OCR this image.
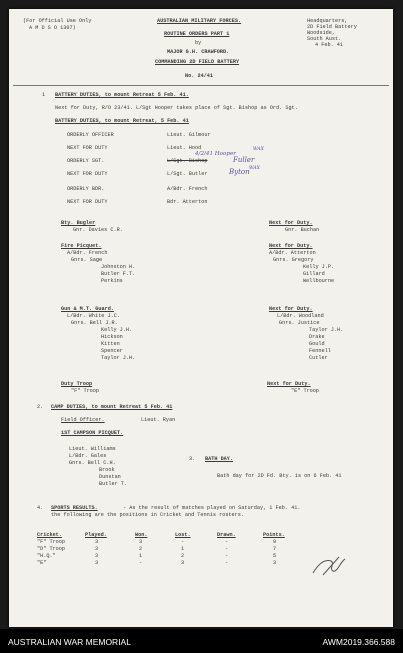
(For Official Use Only
A M D S O 1307)
AUSTRALIAN MILITARY FORCES.
ROUTINE ORDERS PART 1
by
MAJOR G.H. CRAWFORD.
COMMANDING 2D FIELD BATTERY
No. 24/41
Headquarters,
2D Field Battery
Woodside,
South Aust.
4 Feb. 41
1 BATTERY DUTIES, to mount Retreat 5 Feb. 41.
Next for Duty, R/O 23/41. L/Sgt Hooper takes place of Sgt. Bishop as Ord. Sgt.
BATTERY DUTIES, to mount Retreat, 5 Feb. 41
ORDERLY OFFICER	Lieut. Gilmour
NEXT FOR DUTY	Lieut. Hood
ORDERLY SGT.	L/Sgt. Bishop
NEXT FOR DUTY	L/Sgt. Butler
ORDERLY BDR.	A/Bdr. French
NEXT FOR DUTY	Bdr. Atterton
4/2/41 Hooper
Fuller
Byton
WAX
WAX
Bty. Bugler
Gnr. Davies C.R.
Next for Duty.
Gnr. Buchan
Fire Picquet.
A/Bdr. French
Gnrs. Sage
Johnston H.
Butler F.T.
Perkins
Next for Duty.
A/Bdr. Atterton
Gnrs. Gregory
Kelly J.P.
Gillard
Wellbourne
Gun & M.T. Guard.
L/Bdr. White J.C.
Gnrs. Bell J.R.
Kelly J.H.
Hickson
Kitten
Spencer
Taylor J.H.
Next for Duty.
L/Bdr. Woodland
Gnrs. Justice
Taylor J.H.
Drake
Gould
Fennell
Cutler
Duty Troop
"F" Troop
Next for Duty.
"E" Troop
2. CAMP DUTIES, to mount Retreat 5 Feb. 41
Field Officer.	Lieut. Ryan
1ST CAMPSON PICQUET.
Lieut. Williams
L/Bdr. Gales
Gnrs. Bell C.H.
Brook
Dunstan
Butler T.
3. BATH DAY.
Bath day for 2D Fd. Bty. is on 6 Feb. 41
4. SPORTS RESULTS.	- As the result of matches played on Saturday, 1 Feb. 41.
the following are the positions in Cricket and Tennis rosters.
Cricket.	Played.	Won.	Lost.	Drawn.	Points.
"F" Troop	3	3	-	-	9
"D" Troop	3	2	1	-	7
"H.Q."	3	1	2	-	5
"E"	3	-	3	-	3
AUSTRALIAN WAR MEMORIAL	AWM2019.366.588
